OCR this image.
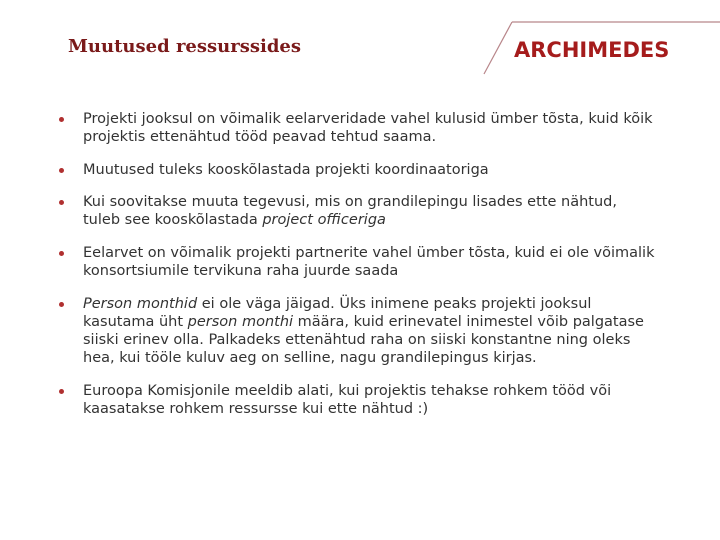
Muutused ressurssides	ARCHIMEDES
Projekti jooksul on võimalik eelarveridade vahel kulusid ümber tõsta, kuid kõik projektis ettenähtud tööd peavad tehtud saama.
Muutused tuleks kooskõlastada projekti koordinaatoriga
Kui soovitakse muuta tegevusi, mis on grandilepingu lisades ette nähtud, tuleb see kooskõlastada project officeriga
Eelarvet on võimalik projekti partnerite vahel ümber tõsta, kuid ei ole võimalik konsortsiumile tervikuna raha juurde saada
Person monthid ei ole väga jäigad. Üks inimene peaks projekti jooksul kasutama üht person monthi määra, kuid erinevatel inimestel võib palgatase siiski erinev olla. Palkadeks ettenähtud raha on siiski konstantne ning oleks hea, kui tööle kuluv aeg on selline, nagu grandilepingus kirjas.
Euroopa Komisjonile meeldib alati, kui projektis tehakse rohkem tööd või kaasatakse rohkem ressursse kui ette nähtud :)
